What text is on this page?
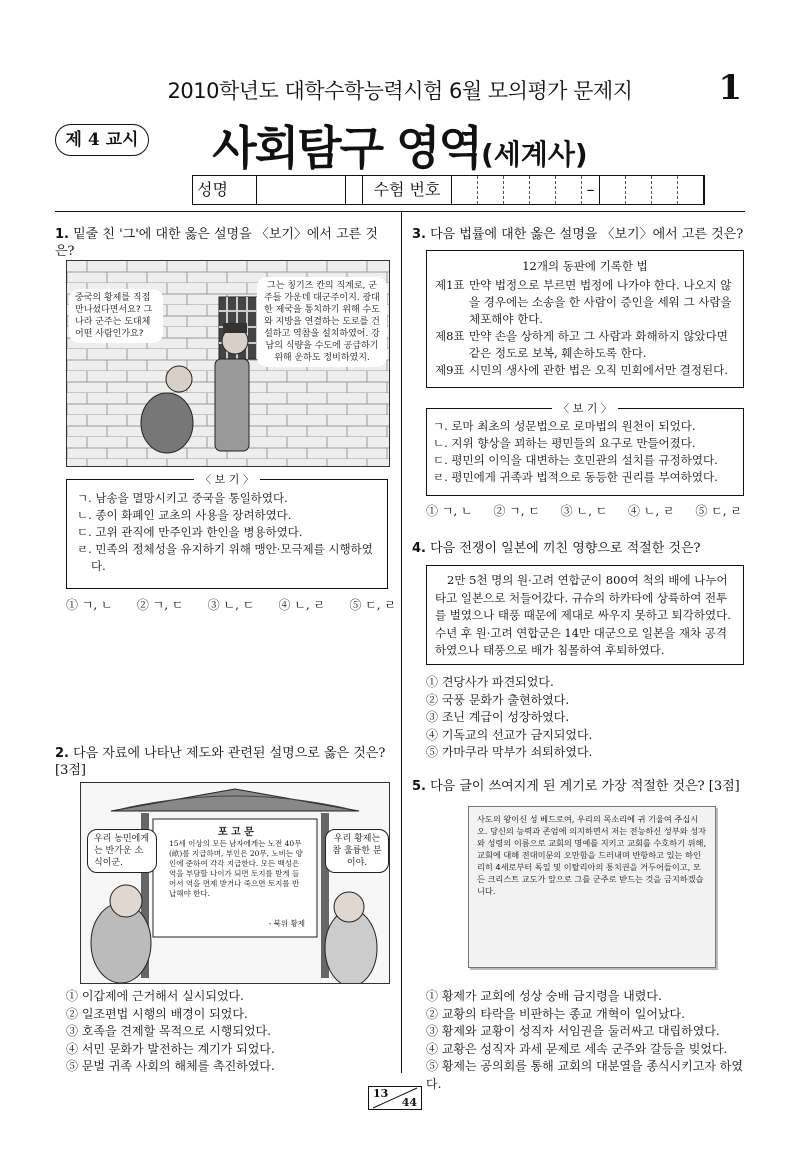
2010학년도 대학수학능력시험 6월 모의평가 문제지	1
제 4 교시	사회탐구 영역(세계사)
성명	수험 번호	–
1. 밑줄 친 '그'에 대한 옳은 설명을 〈보기〉에서 고른 것은?
중국의 황제를 직접 만나셨다면서요? 그 나라 군주는 도대체 어떤 사람인가요?
그는 칭기즈 칸의 직계로, 군주들 가운데 대군주이지. 광대한 제국을 통치하기 위해 수도와 지방을 연결하는 도로를 건설하고 역참을 설치하였어. 강남의 식량을 수도에 공급하기 위해 운하도 정비하였지.
〈 보 기 〉
ㄱ. 남송을 멸망시키고 중국을 통일하였다.
ㄴ. 종이 화폐인 교초의 사용을 장려하였다.
ㄷ. 고위 관직에 만주인과 한인을 병용하였다.
ㄹ. 민족의 정체성을 유지하기 위해 맹안·모극제를 시행하였다.
① ㄱ, ㄴ ② ㄱ, ㄷ ③ ㄴ, ㄷ ④ ㄴ, ㄹ ⑤ ㄷ, ㄹ
2. 다음 자료에 나타난 제도와 관련된 설명으로 옳은 것은? [3점]
포 고 문
15세 이상의 모든 남자에게는 노전 40무(畝)를 지급하며, 부인은 20무, 노비는 양인에 준하여 각각 지급한다. 모든 백성은 역을 부담할 나이가 되면 토지를 받게 들어서 역을 면제 받거나 죽으면 토지를 반납해야 한다.
- 북위 황제
우리 농민에게는 반가운 소식이군.
우리 황제는 참 훌륭한 분이야.
① 이갑제에 근거해서 실시되었다.
② 일조편법 시행의 배경이 되었다.
③ 호족을 견제할 목적으로 시행되었다.
④ 서민 문화가 발전하는 계기가 되었다.
⑤ 문벌 귀족 사회의 해체를 촉진하였다.
3. 다음 법률에 대한 옳은 설명을 〈보기〉에서 고른 것은?
12개의 동판에 기록한 법
제1표 만약 법정으로 부르면 법정에 나가야 한다. 나오지 않을 경우에는 소송을 한 사람이 증인을 세워 그 사람을 체포해야 한다.
제8표 만약 손을 상하게 하고 그 사람과 화해하지 않았다면 같은 정도로 보복, 훼손하도록 한다.
제9표 시민의 생사에 관한 법은 오직 민회에서만 결정된다.
〈 보 기 〉
ㄱ. 로마 최초의 성문법으로 로마법의 원천이 되었다.
ㄴ. 지위 향상을 꾀하는 평민들의 요구로 만들어졌다.
ㄷ. 평민의 이익을 대변하는 호민관의 설치를 규정하였다.
ㄹ. 평민에게 귀족과 법적으로 동등한 권리를 부여하였다.
① ㄱ, ㄴ ② ㄱ, ㄷ ③ ㄴ, ㄷ ④ ㄴ, ㄹ ⑤ ㄷ, ㄹ
4. 다음 전쟁이 일본에 끼친 영향으로 적절한 것은?
2만 5천 명의 원·고려 연합군이 800여 척의 배에 나누어 타고 일본으로 처들어갔다. 규슈의 하카타에 상륙하여 전투를 벌였으나 태풍 때문에 제대로 싸우지 못하고 퇴각하였다. 수년 후 원·고려 연합군은 14만 대군으로 일본을 재차 공격하였으나 태풍으로 배가 침몰하여 후퇴하였다.
① 견당사가 파견되었다.
② 국풍 문화가 출현하였다.
③ 조닌 계급이 성장하였다.
④ 기독교의 선교가 금지되었다.
⑤ 가마쿠라 막부가 쇠퇴하였다.
5. 다음 글이 쓰여지게 된 계기로 가장 적절한 것은? [3점]
사도의 왕이신 성 베드로여, 우리의 목소리에 귀 기울여 주십시오. 당신의 능력과 존엄에 의지하면서 저는 전능하신 성부와 성자와 성령의 이름으로 교회의 명예를 지키고 교회를 수호하기 위해, 교회에 대해 전대미문의 오만함을 드러내며 반항하고 있는 하인리히 4세로부터 독일 및 이탈리아의 통치권을 거두어들이고, 모든 크리스트 교도가 앞으로 그를 군주로 받드는 것을 금지하겠습니다.
① 황제가 교회에 성상 숭배 금지령을 내렸다.
② 교황의 타락을 비판하는 종교 개혁이 일어났다.
③ 황제와 교황이 성직자 서임권을 둘러싸고 대립하였다.
④ 교황은 성직자 과세 문제로 세속 군주와 갈등을 빚었다.
⑤ 황제는 공의회를 통해 교회의 대분열을 종식시키고자 하였다.
13
44
